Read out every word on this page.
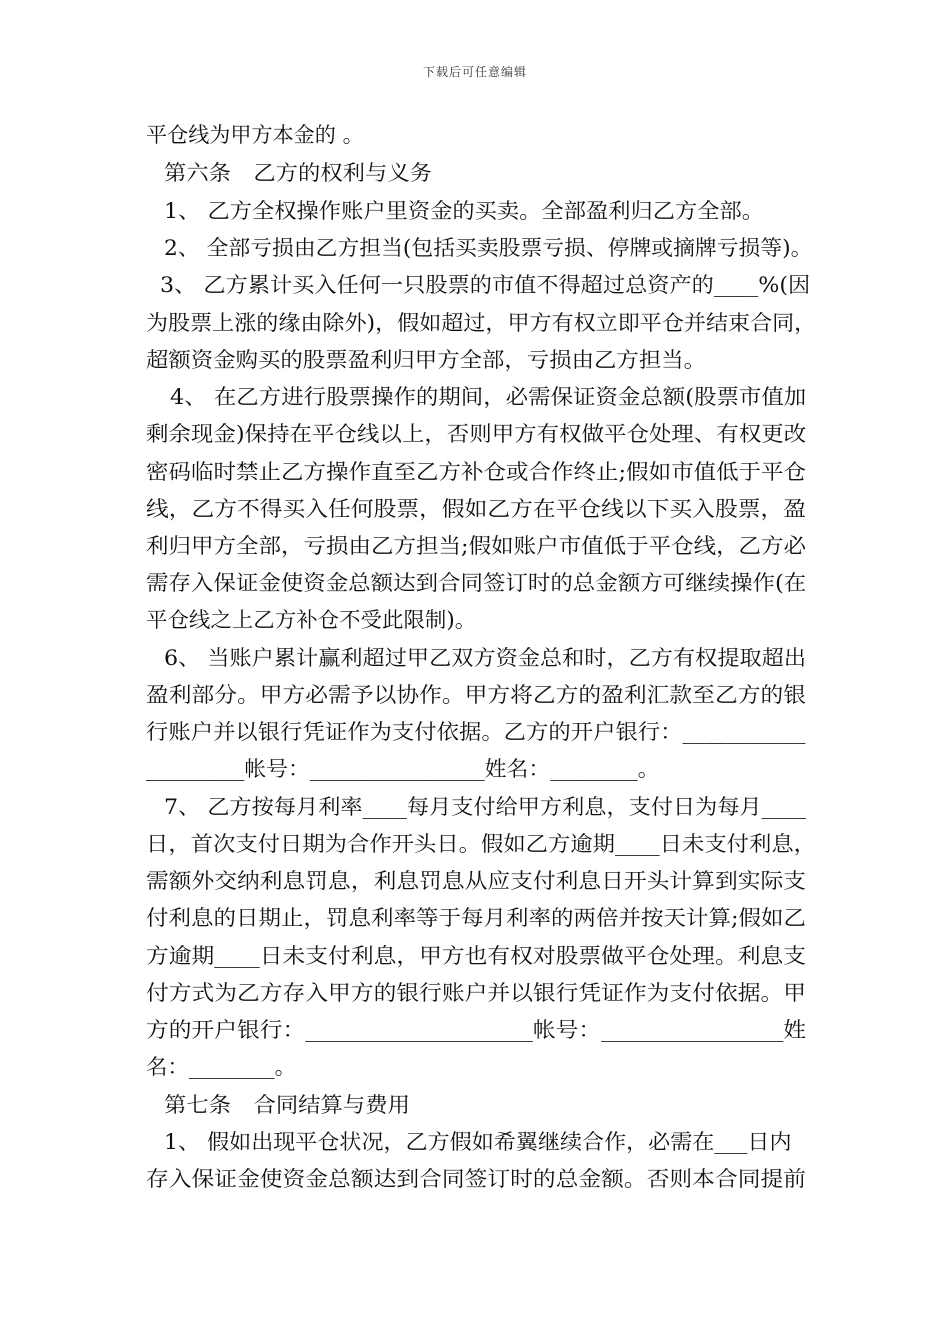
下载后可任意编辑
平仓线为甲方本金的 。
第六条　乙方的权利与义务
1、 乙方全权操作账户里资金的买卖。全部盈利归乙方全部。
2、 全部亏损由乙方担当(包括买卖股票亏损、停牌或摘牌亏损等)。
3、 乙方累计买入任何一只股票的市值不得超过总资产的____%(因
为股票上涨的缘由除外)，假如超过，甲方有权立即平仓并结束合同，
超额资金购买的股票盈利归甲方全部，亏损由乙方担当。
4、 在乙方进行股票操作的期间，必需保证资金总额(股票市值加
剩余现金)保持在平仓线以上，否则甲方有权做平仓处理、有权更改
密码临时禁止乙方操作直至乙方补仓或合作终止;假如市值低于平仓
线，乙方不得买入任何股票，假如乙方在平仓线以下买入股票，盈
利归甲方全部，亏损由乙方担当;假如账户市值低于平仓线，乙方必
需存入保证金使资金总额达到合同签订时的总金额方可继续操作(在
平仓线之上乙方补仓不受此限制)。
6、 当账户累计赢利超过甲乙双方资金总和时，乙方有权提取超出
盈利部分。甲方必需予以协作。甲方将乙方的盈利汇款至乙方的银
行账户并以银行凭证作为支付依据。乙方的开户银行：___________
_________帐号：________________姓名：________。
7、 乙方按每月利率____每月支付给甲方利息，支付日为每月____
日，首次支付日期为合作开头日。假如乙方逾期____日未支付利息，
需额外交纳利息罚息，利息罚息从应支付利息日开头计算到实际支
付利息的日期止，罚息利率等于每月利率的两倍并按天计算;假如乙
方逾期____日未支付利息，甲方也有权对股票做平仓处理。利息支
付方式为乙方存入甲方的银行账户并以银行凭证作为支付依据。甲
方的开户银行：____________________帐号：________________姓
名：________。
第七条　合同结算与费用
1、 假如出现平仓状况，乙方假如希翼继续合作，必需在___日内
存入保证金使资金总额达到合同签订时的总金额。否则本合同提前
